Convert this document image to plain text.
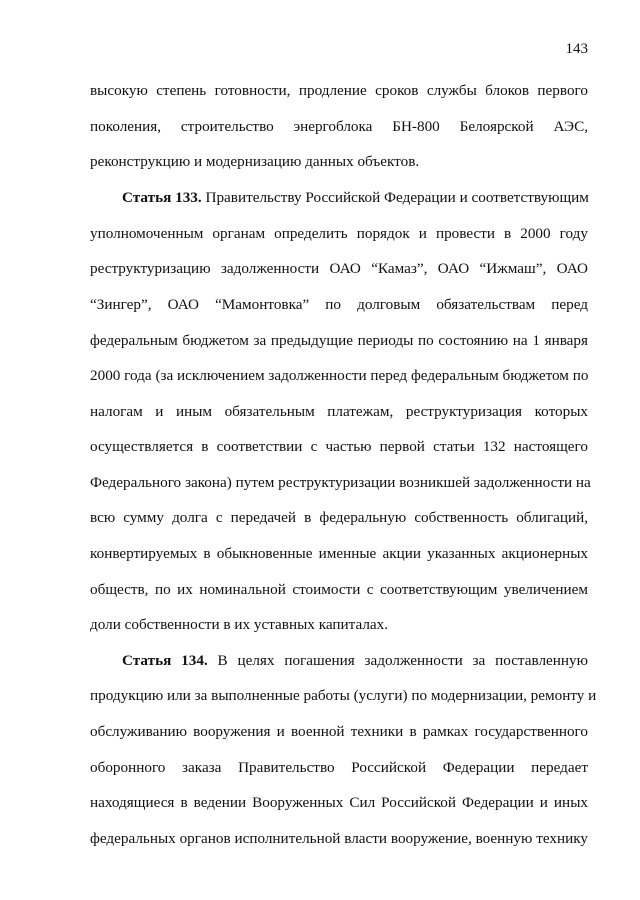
143
высокую степень готовности, продление сроков службы блоков первого
поколения, строительство энергоблока БН-800 Белоярской АЭС,
реконструкцию и модернизацию данных объектов.
Статья 133. Правительству Российской Федерации и соответствующим
уполномоченным органам определить порядок и провести в 2000 году
реструктуризацию задолженности ОАО “Камаз”, ОАО “Ижмаш”, ОАО
“Зингер”, ОАО “Мамонтовка” по долговым обязательствам перед
федеральным бюджетом за предыдущие периоды по состоянию на 1 января
2000 года (за исключением задолженности перед федеральным бюджетом по
налогам и иным обязательным платежам, реструктуризация которых
осуществляется в соответствии с частью первой статьи 132 настоящего
Федерального закона) путем реструктуризации возникшей задолженности на
всю сумму долга с передачей в федеральную собственность облигаций,
конвертируемых в обыкновенные именные акции указанных акционерных
обществ, по их номинальной стоимости с соответствующим увеличением
доли собственности в их уставных капиталах.
Статья 134. В целях погашения задолженности за поставленную
продукцию или за выполненные работы (услуги) по модернизации, ремонту и
обслуживанию вооружения и военной техники в рамках государственного
оборонного заказа Правительство Российской Федерации передает
находящиеся в ведении Вооруженных Сил Российской Федерации и иных
федеральных органов исполнительной власти вооружение, военную технику
